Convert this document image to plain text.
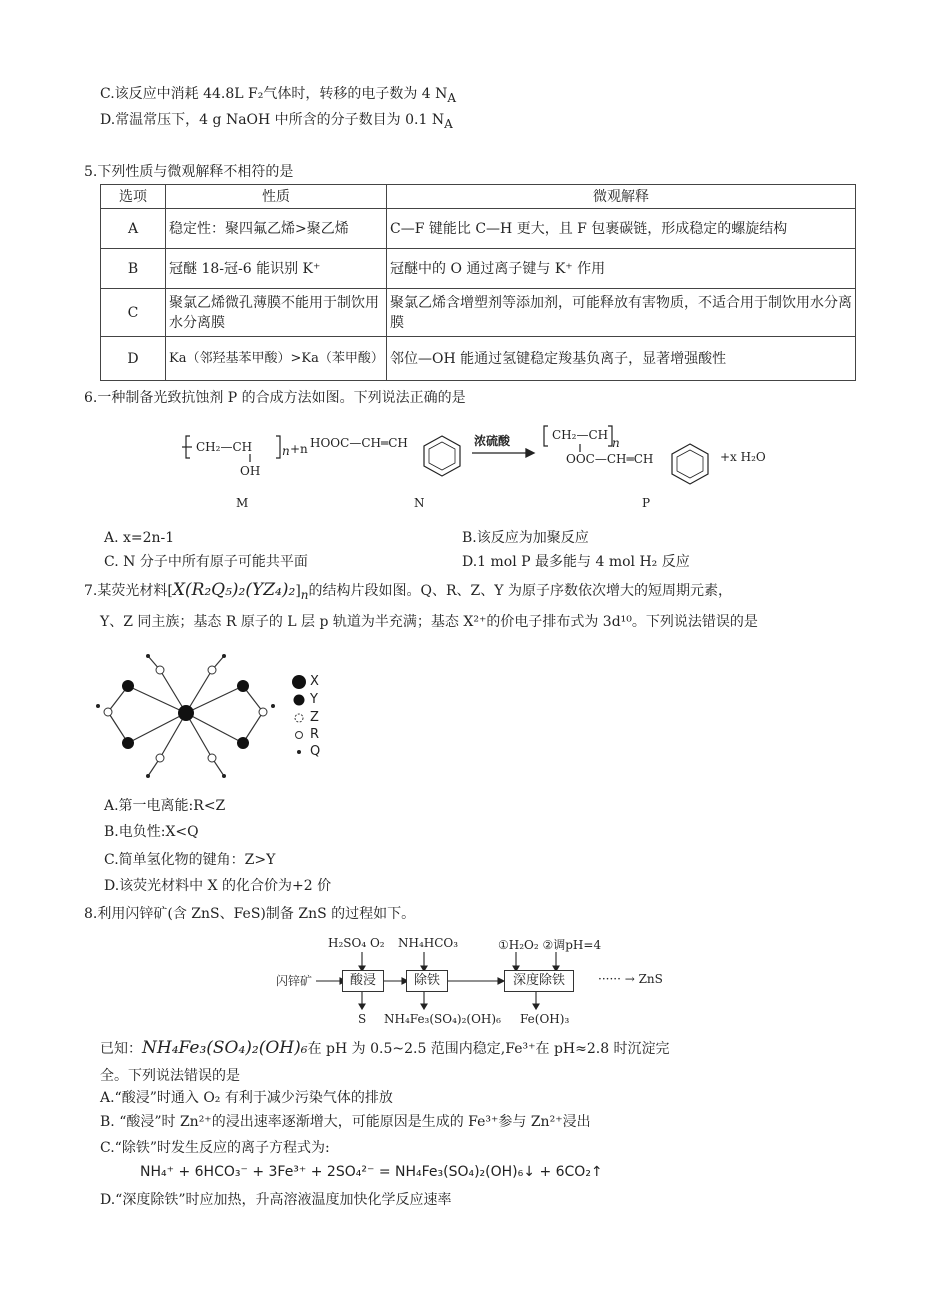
C.该反应中消耗 44.8L F₂气体时，转移的电子数为 4 $N_A$
D.常温常压下，4 g NaOH 中所含的分子数目为 0.1 $N_A$
5.下列性质与微观解释不相符的是
选项	性质	微观解释
A	稳定性：聚四氟乙烯>聚乙烯	C—F 键能比 C—H 更大，且 F 包裹碳链，形成稳定的螺旋结构
B	冠醚 18-冠-6 能识别 K⁺	冠醚中的 O 通过离子键与 K⁺ 作用
C	聚氯乙烯微孔薄膜不能用于制饮用水分离膜	聚氯乙烯含增塑剂等添加剂，可能释放有害物质，不适合用于制饮用水分离膜
D	Ka（邻羟基苯甲酸）>Ka（苯甲酸）	邻位—OH 能通过氢键稳定羧基负离子，显著增强酸性
6.一种制备光致抗蚀剂 P 的合成方法如图。下列说法正确的是
CH₂—CH n
OH
+n HOOC—CH═CH	浓硫酸	CH₂—CH
n
OOC—CH═CH	+x H₂O
M	N	P
A. x=2n-1	B.该反应为加聚反应
C. N 分子中所有原子可能共平面	D.1 mol P 最多能与 4 mol H₂ 反应
7.某荧光材料$[X(R_2Q_5)_2(YZ_4)_2]_n$的结构片段如图。Q、R、Z、Y 为原子序数依次增大的短周期元素，
Y、Z 同主族；基态 R 原子的 L 层 p 轨道为半充满；基态 X²⁺的价电子排布式为 3d¹⁰。下列说法错误的是
X
Y
Z
R
Q
A.第一电离能:R<Z
B.电负性:X<Q
C.简单氢化物的键角：Z>Y
D.该荧光材料中 X 的化合价为+2 价
8.利用闪锌矿(含 ZnS、FeS)制备 ZnS 的过程如下。
H₂SO₄ O₂ NH₄HCO₃	①H₂O₂ ②调pH=4
闪锌矿	酸浸	除铁	深度除铁	······ → ZnS
S NH₄Fe₃(SO₄)₂(OH)₆ Fe(OH)₃
已知：NH₄Fe₃(SO₄)₂(OH)₆在 pH 为 0.5~2.5 范围内稳定,Fe³⁺在 pH≈2.8 时沉淀完
全。下列说法错误的是
A.“酸浸”时通入 O₂ 有利于减少污染气体的排放
B. “酸浸”时 Zn²⁺的浸出速率逐渐增大，可能原因是生成的 Fe³⁺参与 Zn²⁺浸出
C.“除铁”时发生反应的离子方程式为:
NH₄⁺ + 6HCO₃⁻ + 3Fe³⁺ + 2SO₄²⁻ = NH₄Fe₃(SO₄)₂(OH)₆↓ + 6CO₂↑
D.“深度除铁”时应加热，升高溶液温度加快化学反应速率
